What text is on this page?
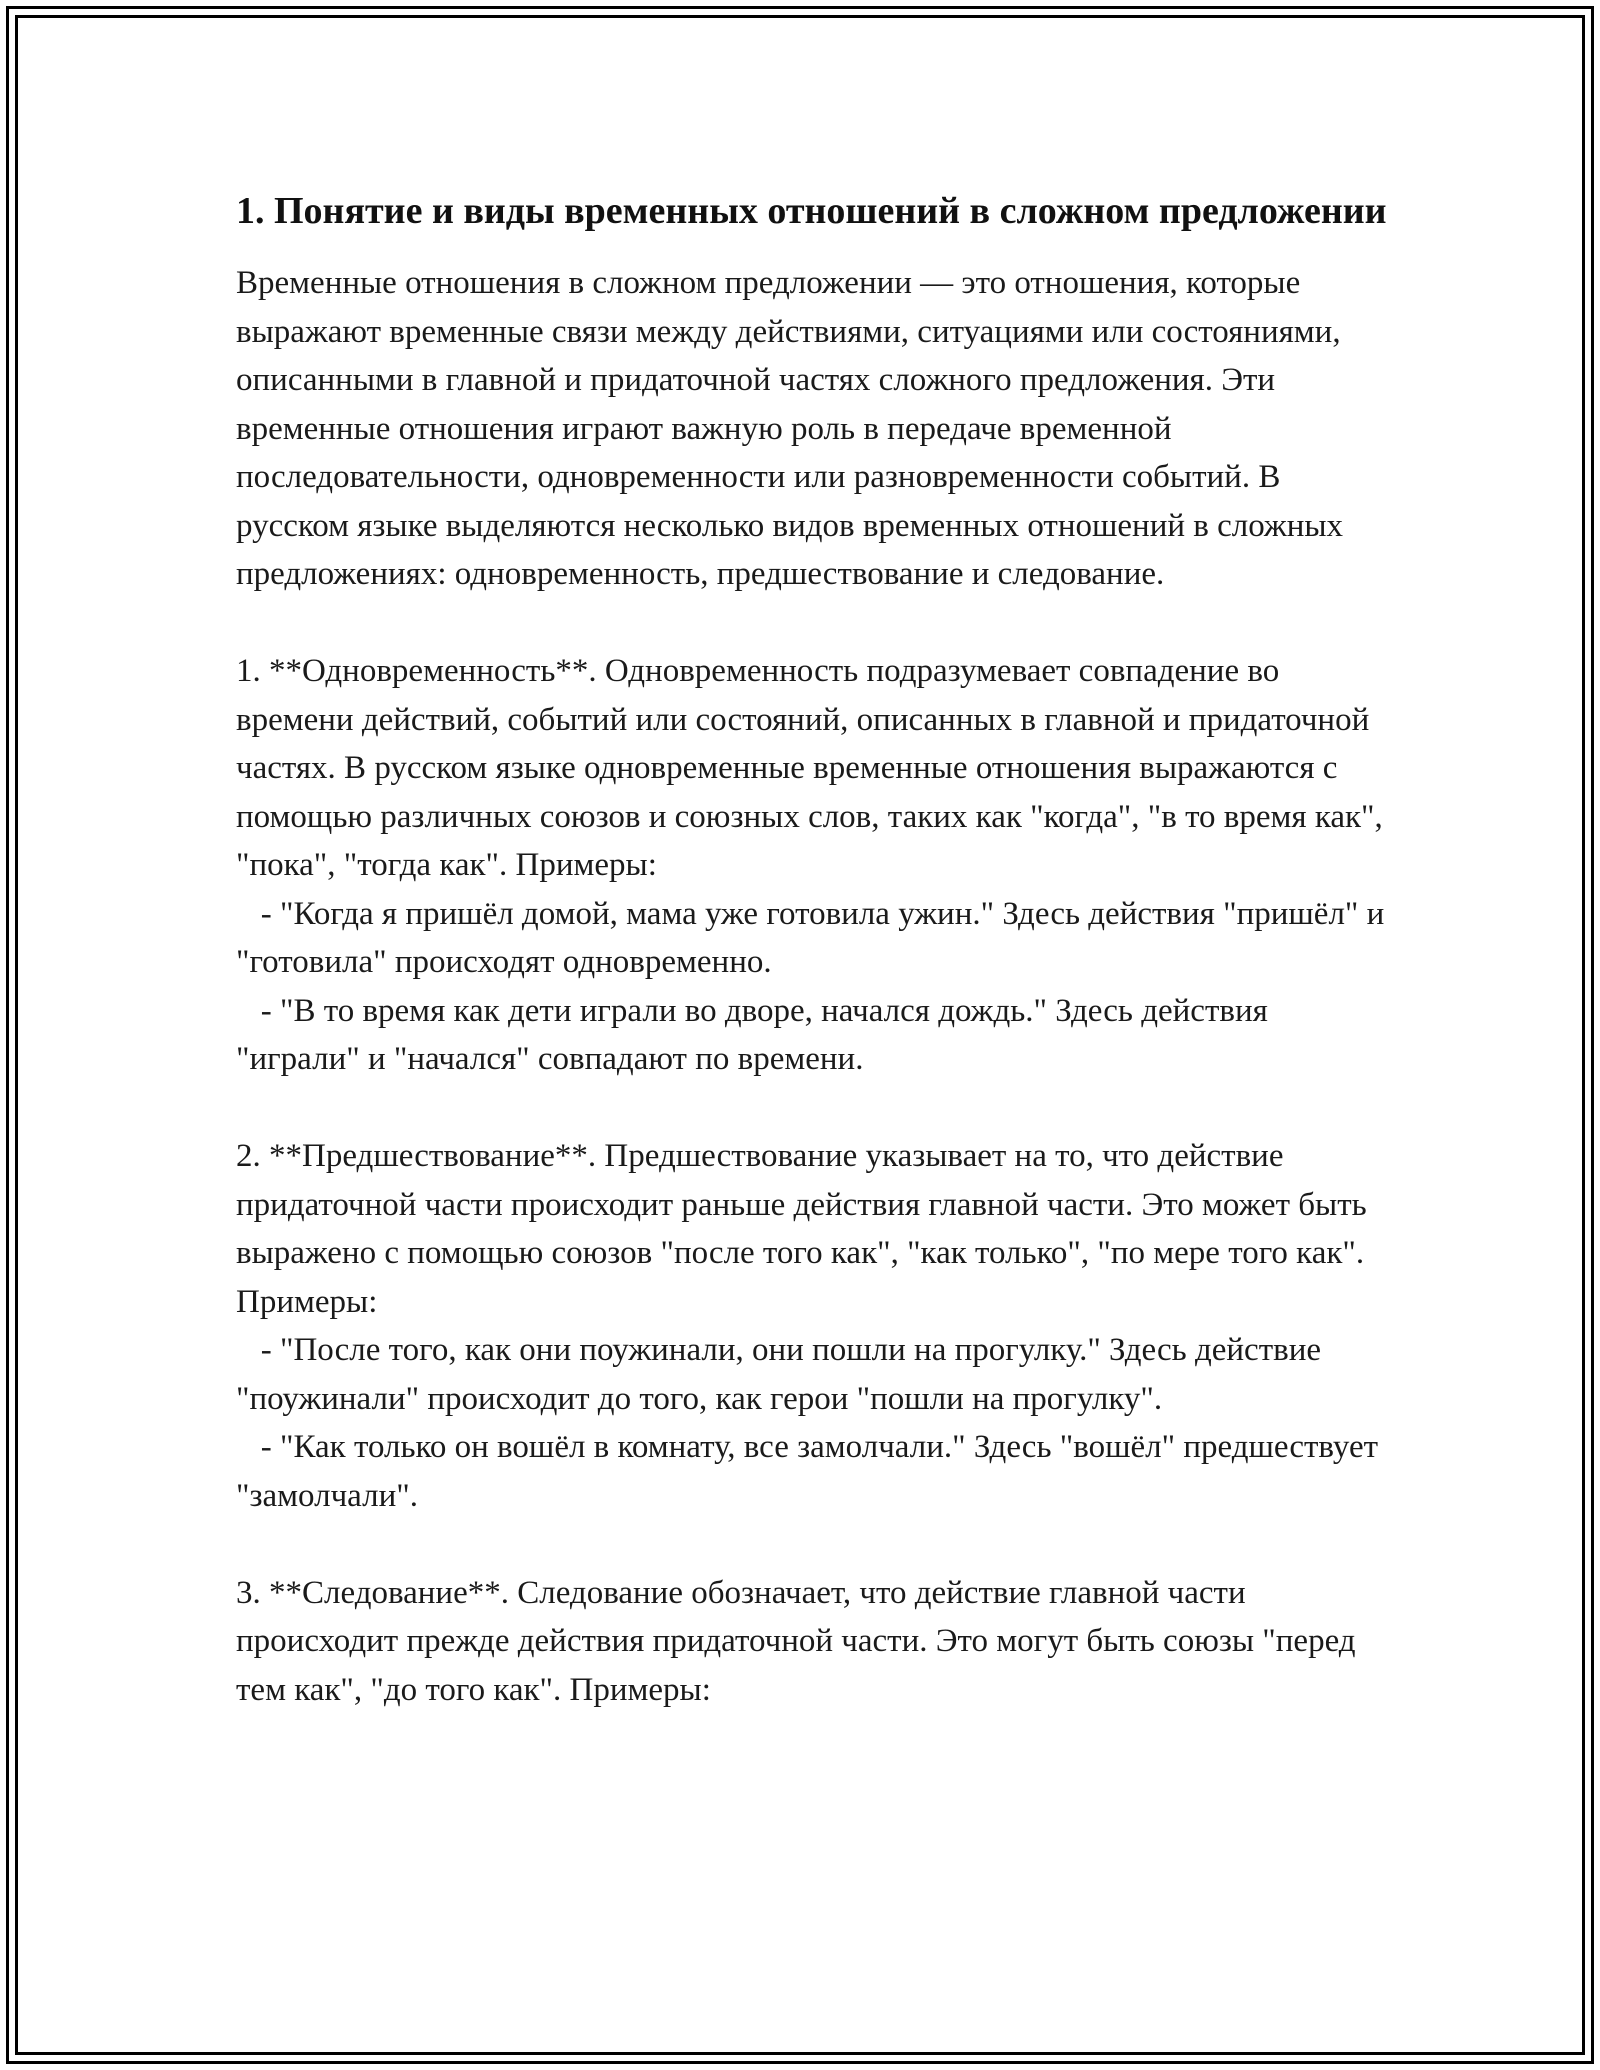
1. Понятие и виды временных отношений в сложном предложении

Временные отношения в сложном предложении — это отношения, которые выражают временные связи между действиями, ситуациями или состояниями, описанными в главной и придаточной частях сложного предложения. Эти временные отношения играют важную роль в передаче временной последовательности, одновременности или разновременности событий. В русском языке выделяются несколько видов временных отношений в сложных предложениях: одновременность, предшествование и следование.

1. **Одновременность**. Одновременность подразумевает совпадение во времени действий, событий или состояний, описанных в главной и придаточной частях. В русском языке одновременные временные отношения выражаются с помощью различных союзов и союзных слов, таких как "когда", "в то время как", "пока", "тогда как". Примеры:
- "Когда я пришёл домой, мама уже готовила ужин." Здесь действия "пришёл" и "готовила" происходят одновременно.
- "В то время как дети играли во дворе, начался дождь." Здесь действия "играли" и "начался" совпадают по времени.

2. **Предшествование**. Предшествование указывает на то, что действие придаточной части происходит раньше действия главной части. Это может быть выражено с помощью союзов "после того как", "как только", "по мере того как". Примеры:
- "После того, как они поужинали, они пошли на прогулку." Здесь действие "поужинали" происходит до того, как герои "пошли на прогулку".
- "Как только он вошёл в комнату, все замолчали." Здесь "вошёл" предшествует "замолчали".

3. **Следование**. Следование обозначает, что действие главной части происходит прежде действия придаточной части. Это могут быть союзы "перед тем как", "до того как". Примеры:
